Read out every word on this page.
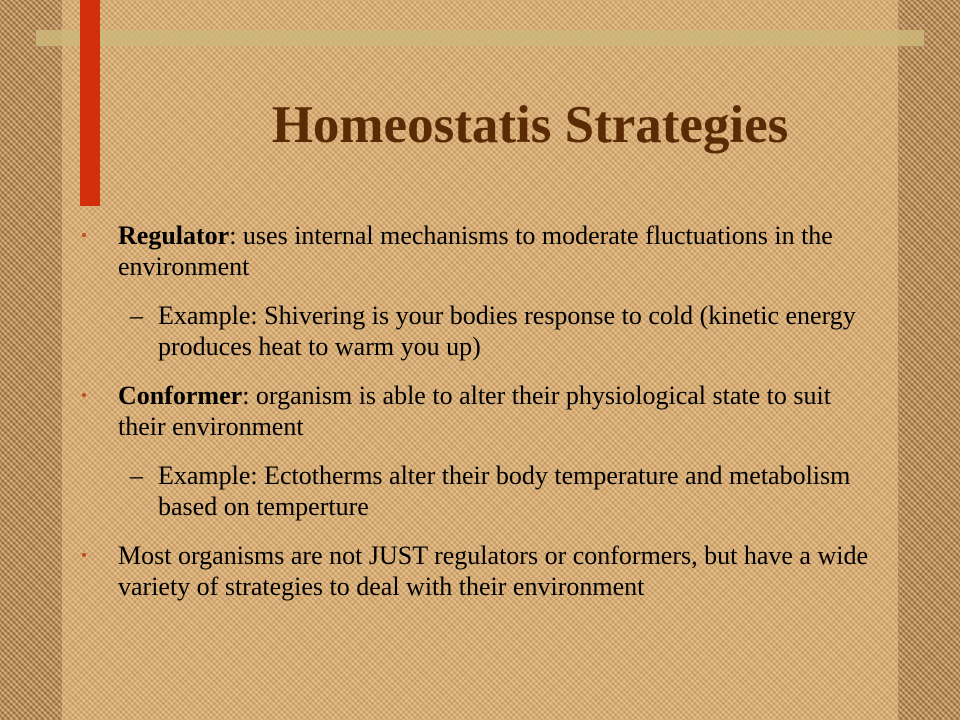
Homeostatis Strategies
Regulator: uses internal mechanisms to moderate fluctuations in the environment
– Example: Shivering is your bodies response to cold (kinetic energy produces heat to warm you up)
Conformer: organism is able to alter their physiological state to suit their environment
– Example: Ectotherms alter their body temperature and metabolism based on temperture
Most organisms are not JUST regulators or conformers, but have a wide variety of strategies to deal with their environment
